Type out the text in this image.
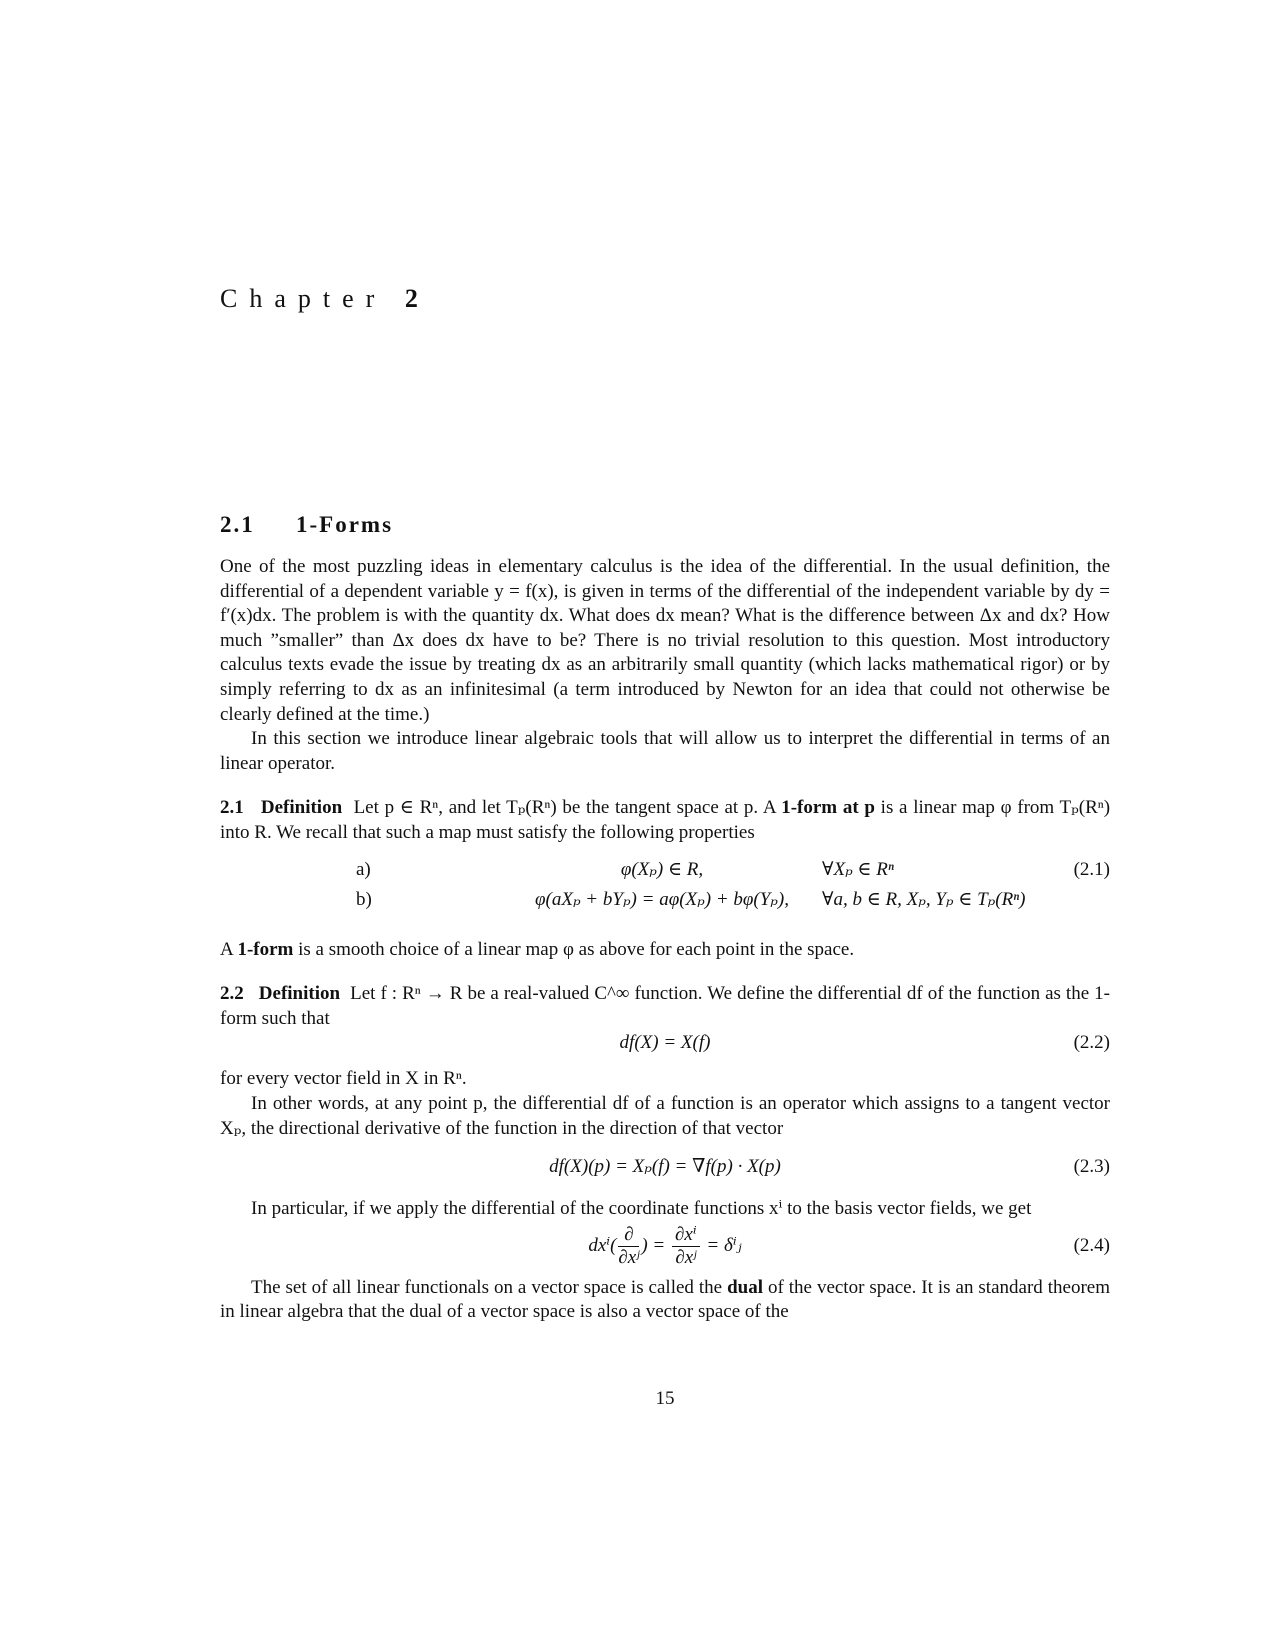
Chapter 2
2.1 1-Forms

One of the most puzzling ideas in elementary calculus is the idea of the differential. In the usual definition, the differential of a dependent variable y = f(x), is given in terms of the differential of the independent variable by dy = f′(x)dx. The problem is with the quantity dx. What does dx mean? What is the difference between Δx and dx? How much ”smaller” than Δx does dx have to be? There is no trivial resolution to this question. Most introductory calculus texts evade the issue by treating dx as an arbitrarily small quantity (which lacks mathematical rigor) or by simply referring to dx as an infinitesimal (a term introduced by Newton for an idea that could not otherwise be clearly defined at the time.)

In this section we introduce linear algebraic tools that will allow us to interpret the differential in terms of an linear operator.

2.1 Definition Let p ∈ Rⁿ, and let Tₚ(Rⁿ) be the tangent space at p. A 1-form at p is a linear map φ from Tₚ(Rⁿ) into R. We recall that such a map must satisfy the following properties

a)	φ(Xₚ) ∈ R,	∀Xₚ ∈ Rⁿ	(2.1)
b)	φ(aXₚ + bYₚ) = aφ(Xₚ) + bφ(Yₚ),	∀a, b ∈ R, Xₚ, Yₚ ∈ Tₚ(Rⁿ)

A 1-form is a smooth choice of a linear map φ as above for each point in the space.

2.2 Definition Let f : Rⁿ → R be a real-valued C^∞ function. We define the differential df of the function as the 1-form such that

df(X) = X(f)	(2.2)

for every vector field in X in Rⁿ.

In other words, at any point p, the differential df of a function is an operator which assigns to a tangent vector Xₚ, the directional derivative of the function in the direction of that vector

df(X)(p) = Xₚ(f) = ∇f(p) · X(p)	(2.3)

In particular, if we apply the differential of the coordinate functions xⁱ to the basis vector fields, we get

$dx^i( \frac{\partial}{\text{∂xʲ}}$ ) = $\frac{\text{∂xⁱ}}{\text{∂xʲ}}$ = δⁱⱼ	(2.4)

The set of all linear functionals on a vector space is called the dual of the vector space. It is an standard theorem in linear algebra that the dual of a vector space is also a vector space of the

15
